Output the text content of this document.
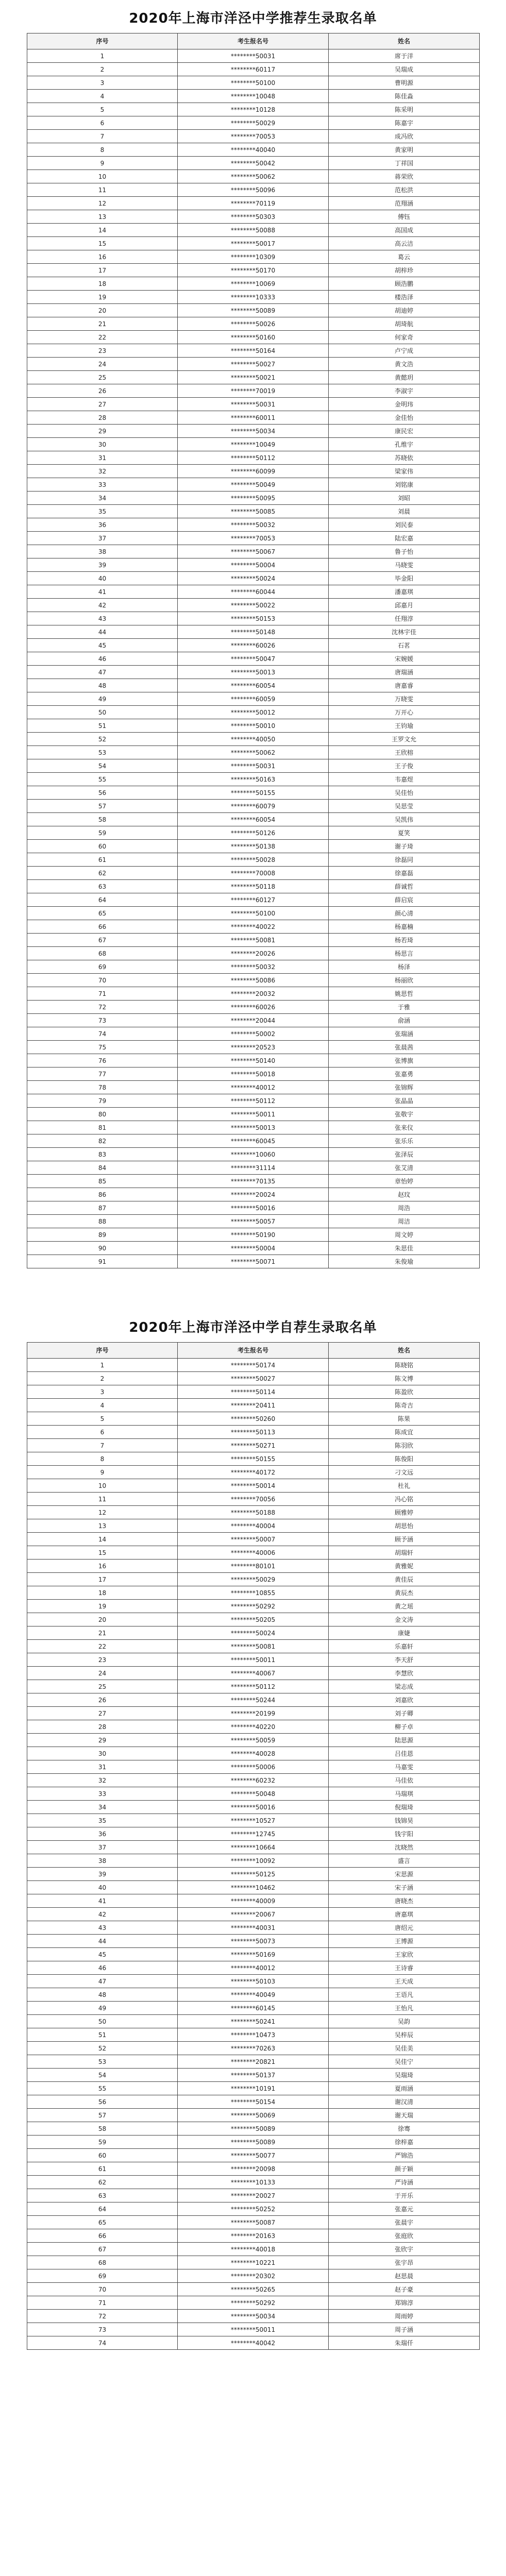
2020年上海市洋泾中学推荐生录取名单
序号	考生报名号	姓名
1	********50031	席于洋
2	********60117	吴瑞成
3	********50100	曹明源
4	********10048	陈佳淼
5	********10128	陈采明
6	********50029	陈嘉宇
7	********70053	成冯欣
8	********40040	黄家明
9	********50042	丁祥国
10	********50062	蒋荣欣
11	********50096	范松洪
12	********70119	范翔涵
13	********50303	傅钰
14	********50088	高国成
15	********50017	高云洁
16	********10309	葛云
17	********50170	胡梓珍
18	********10069	顾浩鹏
19	********10333	楼浩泽
20	********50089	胡迪婷
21	********50026	胡琦航
22	********50160	何家奇
23	********50164	卢宁成
24	********50027	黄文浩
25	********50021	黄懿玥
26	********70019	李淑宇
27	********50031	金明玮
28	********60011	金佳怡
29	********50034	康民宏
30	********10049	孔维宇
31	********50112	苏晓依
32	********60099	梁家伟
33	********50049	刘铭康
34	********50095	刘昭
35	********50085	刘晨
36	********50032	刘民泰
37	********70053	陆宏嘉
38	********50067	鲁子怡
39	********50004	马晓雯
40	********50024	毕金阳
41	********60044	潘嘉琪
42	********50022	邱嘉月
43	********50153	任翔淳
44	********50148	沈林宇佳
45	********60026	石茗
46	********50047	宋婉媛
47	********50013	唐瑞涵
48	********60054	唐嘉睿
49	********60059	万晓雯
50	********50012	万开心
51	********50010	王钧瑜
52	********40050	王罗文允
53	********50062	王欣榕
54	********50031	王子俊
55	********50163	韦嘉煜
56	********50155	吴佳怡
57	********60079	吴思莹
58	********60054	吴凯伟
59	********50126	夏笑
60	********50138	谢子琦
61	********50028	徐磊同
62	********70008	徐嘉磊
63	********50118	薛诚哲
64	********60127	薛启宸
65	********50100	颜心清
66	********40022	杨嘉楠
67	********50081	杨若琦
68	********20026	杨思言
69	********50032	杨泽
70	********50086	杨丽欣
71	********20032	姚思哲
72	********60026	于雅
73	********20044	俞涵
74	********50002	张瑞涵
75	********20523	张晨茜
76	********50140	张博旗
77	********50018	张嘉勇
78	********40012	张锦辉
79	********50112	张晶晶
80	********50011	张敬宇
81	********50013	张来仪
82	********60045	张乐乐
83	********10060	张泽辰
84	********31114	张艾清
85	********70135	章怡婷
86	********20024	赵玟
87	********50016	周浩
88	********50057	周洁
89	********50190	周文婷
90	********50004	朱思佳
91	********50071	朱俊瑜
2020年上海市洋泾中学自荐生录取名单
序号	考生报名号	姓名
1	********50174	陈晓铭
2	********50027	陈文博
3	********50114	陈盈欣
4	********20411	陈奇吉
5	********50260	陈果
6	********50113	陈成宜
7	********50271	陈羽欣
8	********50155	陈俊阳
9	********40172	刁文远
10	********50014	杜礼
11	********70056	冯心铭
12	********50188	顾雅婷
13	********40004	胡思怡
14	********50007	顾予涵
15	********40006	胡瑞轩
16	********80101	黄雅妮
17	********50029	黄佳辰
18	********10855	黄辰杰
19	********50292	黄之瑶
20	********50205	金文涛
21	********50024	康婕
22	********50081	乐嘉轩
23	********50011	李天舒
24	********40067	李慧欣
25	********50112	梁志成
26	********50244	刘嘉欣
27	********20199	刘子卿
28	********40220	柳子卓
29	********50059	陆思源
30	********40028	吕佳恩
31	********50006	马嘉雯
32	********60232	马佳依
33	********50048	马瑞琪
34	********50016	倪瑞琦
35	********10527	钱锦昊
36	********12745	钱宇阳
37	********10664	沈晓然
38	********10092	盛言
39	********50125	宋思源
40	********10462	宋子涵
41	********40009	唐晓杰
42	********20067	唐嘉琪
43	********40031	唐绍元
44	********50073	王博源
45	********50169	王家欣
46	********40012	王诗睿
47	********50103	王天成
48	********40049	王语凡
49	********60145	王怡凡
50	********50241	吴韵
51	********10473	吴梓辰
52	********70263	吴佳美
53	********20821	吴佳宁
54	********50137	吴瑞琦
55	********10191	夏雨涵
56	********50154	谢汉清
57	********50069	谢天瑞
58	********50089	徐骞
59	********50089	徐梓嘉
60	********50077	严锦浩
61	********20098	颜子颖
62	********10133	严诗涵
63	********20027	于开乐
64	********50252	张嘉元
65	********50087	张晨宇
66	********20163	张庭欣
67	********40018	张欣宇
68	********10221	张宇昂
69	********20302	赵思晨
70	********50265	赵子豪
71	********50292	郑锦淳
72	********50034	周雨婷
73	********50011	周子涵
74	********40042	朱瑞仟
